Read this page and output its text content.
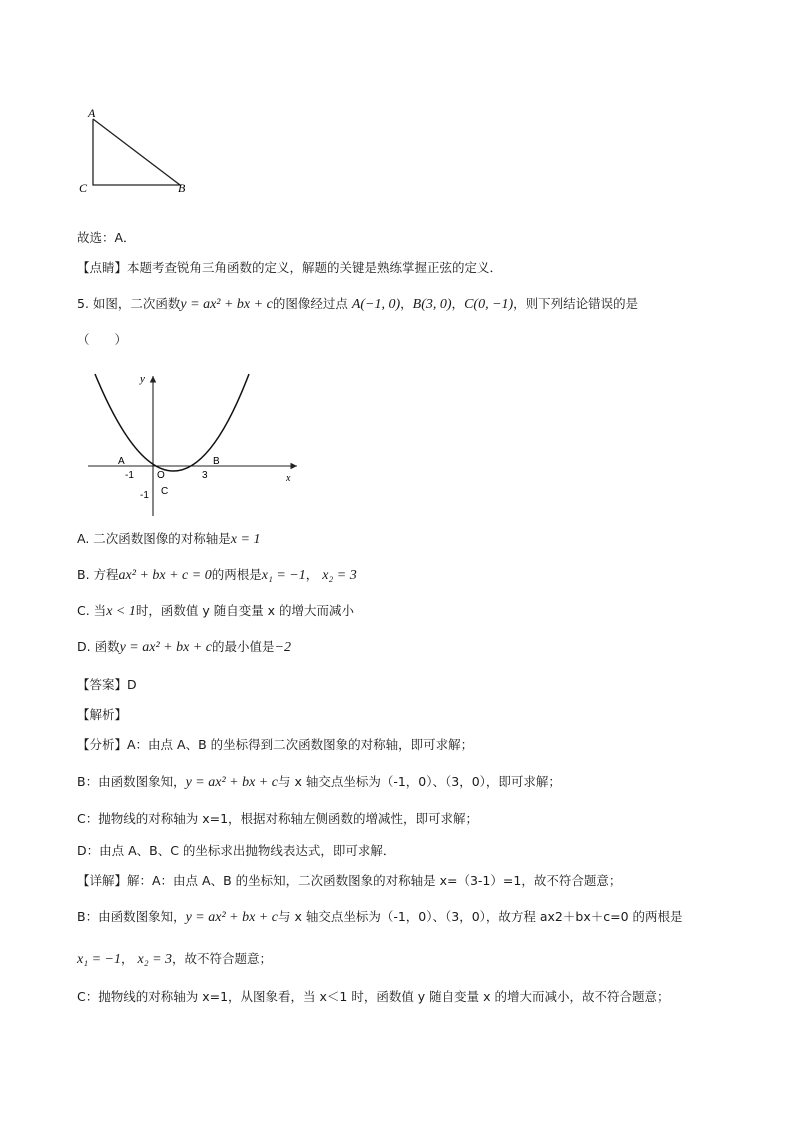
A
C	B
故选：A．
【点睛】本题考查锐角三角函数的定义，解题的关键是熟练掌握正弦的定义．
5. 如图，二次函数y = ax² + bx + c的图像经过点 A(−1, 0)，B(3, 0)，C(0, −1)，则下列结论错误的是
（　　）
y
x
A	B
O
-1	3
-1 C
A. 二次函数图像的对称轴是x = 1
B. 方程ax² + bx + c = 0的两根是x₁ = −1， x₂ = 3
C. 当x < 1时，函数值 y 随自变量 x 的增大而减小
D. 函数y = ax² + bx + c的最小值是−2
【答案】D
【解析】
【分析】A：由点 A、B 的坐标得到二次函数图象的对称轴，即可求解；
B：由函数图象知，y = ax² + bx + c与 x 轴交点坐标为（-1，0）、（3，0），即可求解；
C：抛物线的对称轴为 x=1，根据对称轴左侧函数的增减性，即可求解；
D：由点 A、B、C 的坐标求出抛物线表达式，即可求解．
【详解】解：A：由点 A、B 的坐标知，二次函数图象的对称轴是 x=（3-1）=1，故不符合题意；
B：由函数图象知，y = ax² + bx + c与 x 轴交点坐标为（-1，0）、（3，0），故方程 ax2＋bx＋c=0 的两根是
x₁ = −1， x₂ = 3，故不符合题意；
C：抛物线的对称轴为 x=1，从图象看，当 x＜1 时，函数值 y 随自变量 x 的增大而减小，故不符合题意；
